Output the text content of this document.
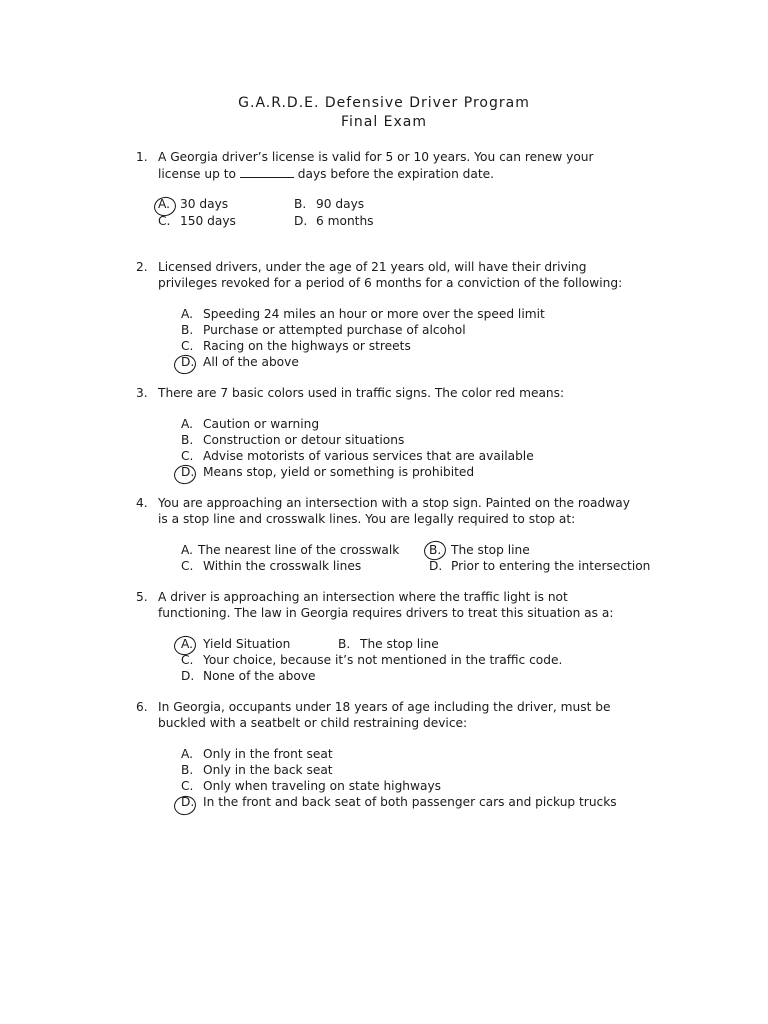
G.A.R.D.E. Defensive Driver Program
Final Exam
1. A Georgia driver’s license is valid for 5 or 10 years. You can renew your
license up to	days before the expiration date.
A. 30 days	B. 90 days
C. 150 days	D. 6 months
2. Licensed drivers, under the age of 21 years old, will have their driving
privileges revoked for a period of 6 months for a conviction of the following:
A. Speeding 24 miles an hour or more over the speed limit
B. Purchase or attempted purchase of alcohol
C. Racing on the highways or streets
D. All of the above
3. There are 7 basic colors used in traffic signs. The color red means:
A. Caution or warning
B. Construction or detour situations
C. Advise motorists of various services that are available
D. Means stop, yield or something is prohibited
4. You are approaching an intersection with a stop sign. Painted on the roadway
is a stop line and crosswalk lines. You are legally required to stop at:
A. The nearest line of the crosswalk B. The stop line
C. Within the crosswalk lines	D. Prior to entering the intersection
5. A driver is approaching an intersection where the traffic light is not
functioning. The law in Georgia requires drivers to treat this situation as a:
A. Yield Situation	B. The stop line
C. Your choice, because it’s not mentioned in the traffic code.
D. None of the above
6. In Georgia, occupants under 18 years of age including the driver, must be
buckled with a seatbelt or child restraining device:
A. Only in the front seat
B. Only in the back seat
C. Only when traveling on state highways
D. In the front and back seat of both passenger cars and pickup trucks
